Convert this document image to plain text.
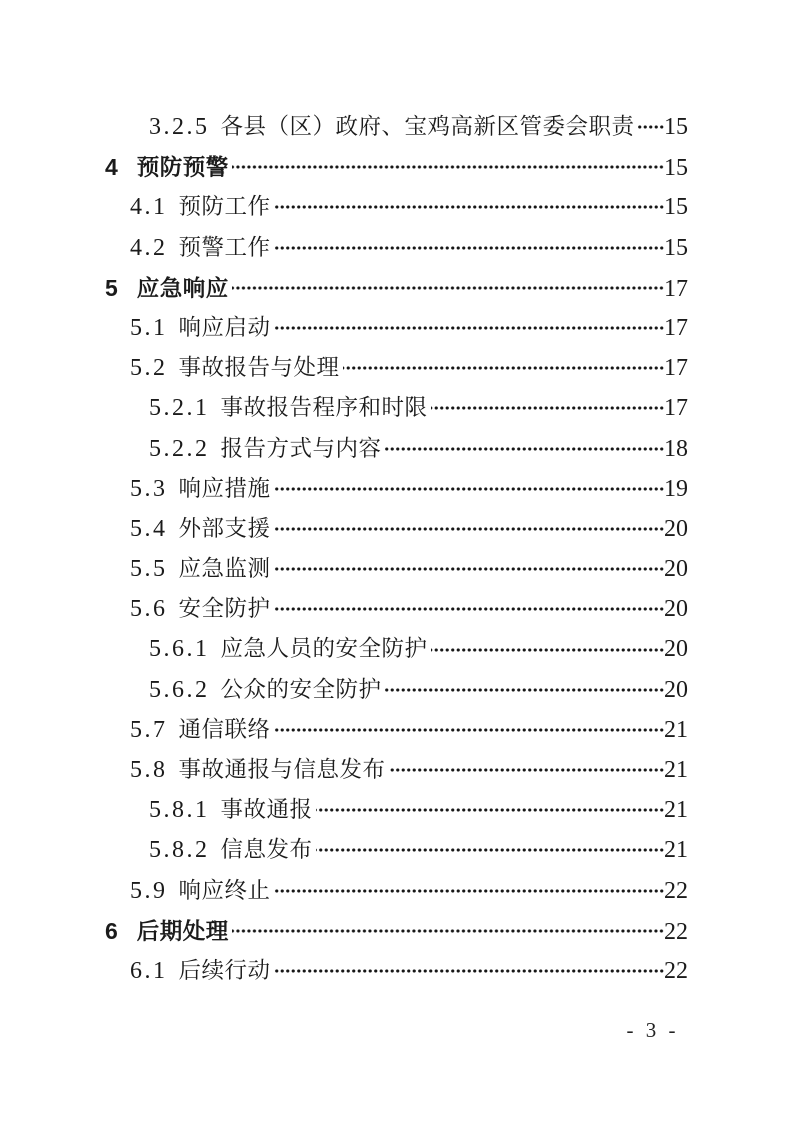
3.2.5 各县（区）政府、宝鸡高新区管委会职责 15
4 预防预警	15
4.1 预防工作	15
4.2 预警工作	15
5 应急响应	17
5.1 响应启动	17
5.2 事故报告与处理	17
5.2.1 事故报告程序和时限	17
5.2.2 报告方式与内容	18
5.3 响应措施	19
5.4 外部支援	20
5.5 应急监测	20
5.6 安全防护	20
5.6.1 应急人员的安全防护	20
5.6.2 公众的安全防护	20
5.7 通信联络	21
5.8 事故通报与信息发布	21
5.8.1 事故通报	21
5.8.2 信息发布	21
5.9 响应终止	22
6 后期处理	22
6.1 后续行动	22
- 3 -
